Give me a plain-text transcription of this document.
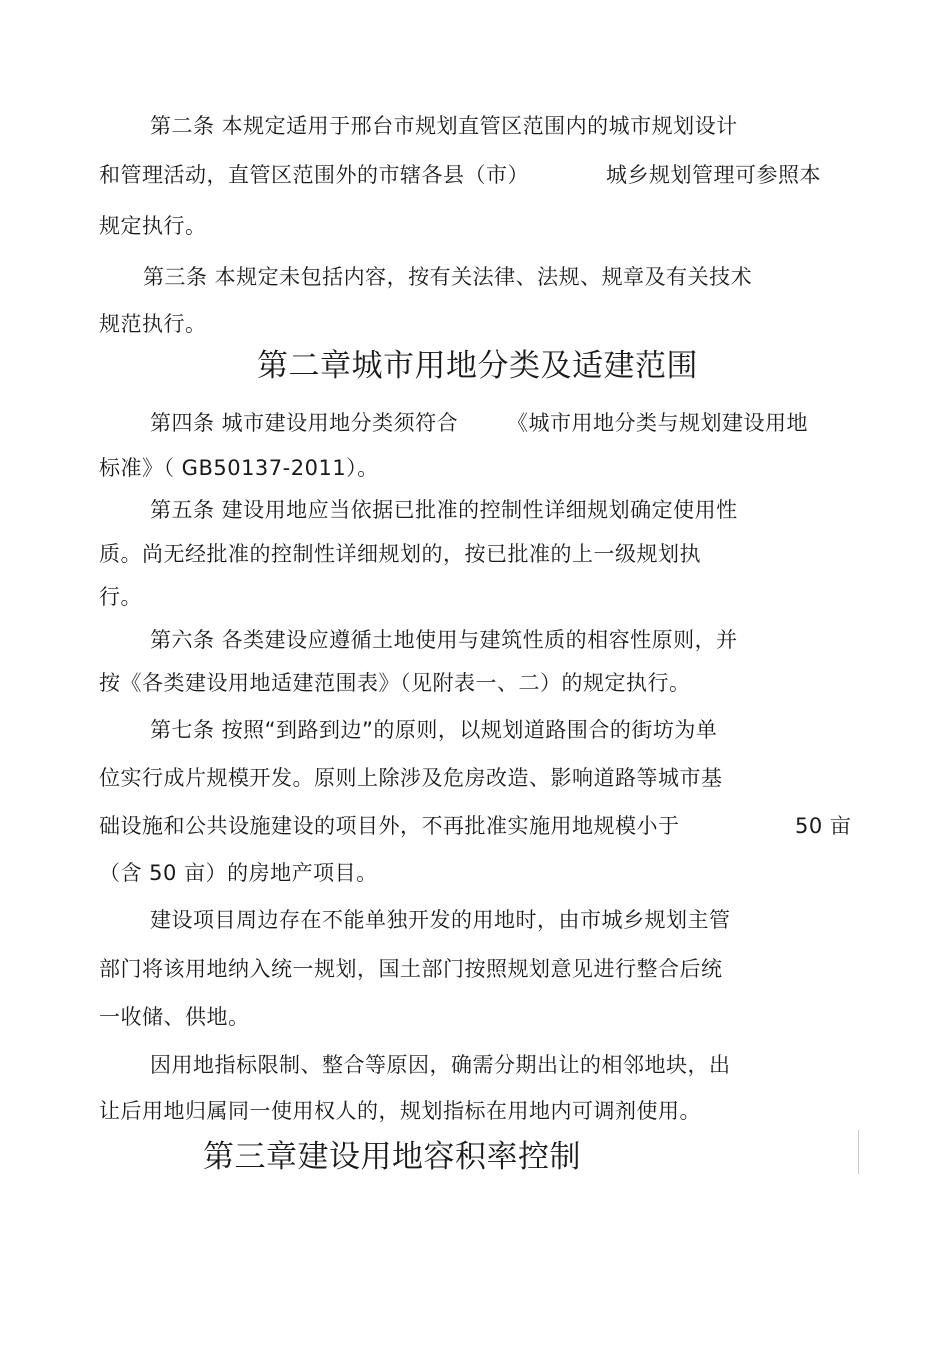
第二条 本规定适用于邢台市规划直管区范围内的城市规划设计
和管理活动，直管区范围外的市辖各县（市）	城乡规划管理可参照本
规定执行。
第三条 本规定未包括内容，按有关法律、法规、规章及有关技术
规范执行。
第二章城市用地分类及适建范围
第四条 城市建设用地分类须符合 《城市用地分类与规划建设用地
标准》（ GB50137-2011）。
第五条 建设用地应当依据已批准的控制性详细规划确定使用性
质。尚无经批准的控制性详细规划的，按已批准的上一级规划执
行。
第六条 各类建设应遵循土地使用与建筑性质的相容性原则，并
按《各类建设用地适建范围表》（见附表一、二）的规定执行。
第七条 按照“到路到边”的原则，以规划道路围合的街坊为单
位实行成片规模开发。原则上除涉及危房改造、影响道路等城市基
础设施和公共设施建设的项目外，不再批准实施用地规模小于	50 亩
（含 50 亩）的房地产项目。
建设项目周边存在不能单独开发的用地时，由市城乡规划主管
部门将该用地纳入统一规划，国土部门按照规划意见进行整合后统
一收储、供地。
因用地指标限制、整合等原因，确需分期出让的相邻地块，出
让后用地归属同一使用权人的，规划指标在用地内可调剂使用。
第三章建设用地容积率控制
